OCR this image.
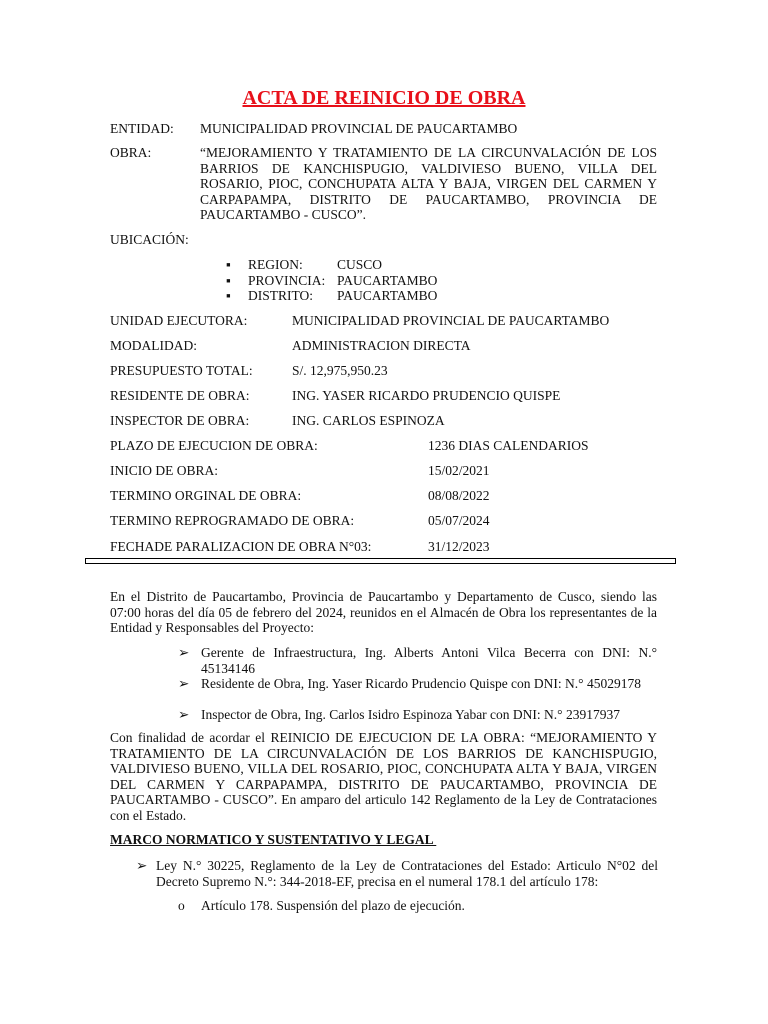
ACTA DE REINICIO DE OBRA
ENTIDAD: MUNICIPALIDAD PROVINCIAL DE PAUCARTAMBO
OBRA:	“MEJORAMIENTO Y TRATAMIENTO DE LA CIRCUNVALACIÓN DE LOS BARRIOS DE KANCHISPUGIO, VALDIVIESO BUENO, VILLA DEL ROSARIO, PIOC, CONCHUPATA ALTA Y BAJA, VIRGEN DEL CARMEN Y CARPAPAMPA, DISTRITO DE PAUCARTAMBO, PROVINCIA DE PAUCARTAMBO - CUSCO”.
UBICACIÓN:
▪ REGION:	CUSCO
▪ PROVINCIA: PAUCARTAMBO
▪ DISTRITO: PAUCARTAMBO
UNIDAD EJECUTORA:	MUNICIPALIDAD PROVINCIAL DE PAUCARTAMBO
MODALIDAD:	ADMINISTRACION DIRECTA
PRESUPUESTO TOTAL:	S/. 12,975,950.23
RESIDENTE DE OBRA:	ING. YASER RICARDO PRUDENCIO QUISPE
INSPECTOR DE OBRA:	ING. CARLOS ESPINOZA
PLAZO DE EJECUCION DE OBRA:	1236 DIAS CALENDARIOS
INICIO DE OBRA:	15/02/2021
TERMINO ORGINAL DE OBRA:	08/08/2022
TERMINO REPROGRAMADO DE OBRA:	05/07/2024
FECHADE PARALIZACION DE OBRA N°03:	31/12/2023
En el Distrito de Paucartambo, Provincia de Paucartambo y Departamento de Cusco, siendo las 07:00 horas del día 05 de febrero del 2024, reunidos en el Almacén de Obra los representantes de la Entidad y Responsables del Proyecto:
➢ Gerente de Infraestructura, Ing. Alberts Antoni Vilca Becerra con DNI: N.° 45134146
➢ Residente de Obra, Ing. Yaser Ricardo Prudencio Quispe con DNI: N.° 45029178
➢ Inspector de Obra, Ing. Carlos Isidro Espinoza Yabar con DNI: N.° 23917937
Con finalidad de acordar el REINICIO DE EJECUCION DE LA OBRA: “MEJORAMIENTO Y TRATAMIENTO DE LA CIRCUNVALACIÓN DE LOS BARRIOS DE KANCHISPUGIO, VALDIVIESO BUENO, VILLA DEL ROSARIO, PIOC, CONCHUPATA ALTA Y BAJA, VIRGEN DEL CARMEN Y CARPAPAMPA, DISTRITO DE PAUCARTAMBO, PROVINCIA DE PAUCARTAMBO - CUSCO”. En amparo del articulo 142 Reglamento de la Ley de Contrataciones con el Estado.
MARCO NORMATICO Y SUSTENTATIVO Y LEGAL
➢ Ley N.° 30225, Reglamento de la Ley de Contrataciones del Estado: Articulo N°02 del Decreto Supremo N.°: 344-2018-EF, precisa en el numeral 178.1 del artículo 178:
o Artículo 178. Suspensión del plazo de ejecución.
